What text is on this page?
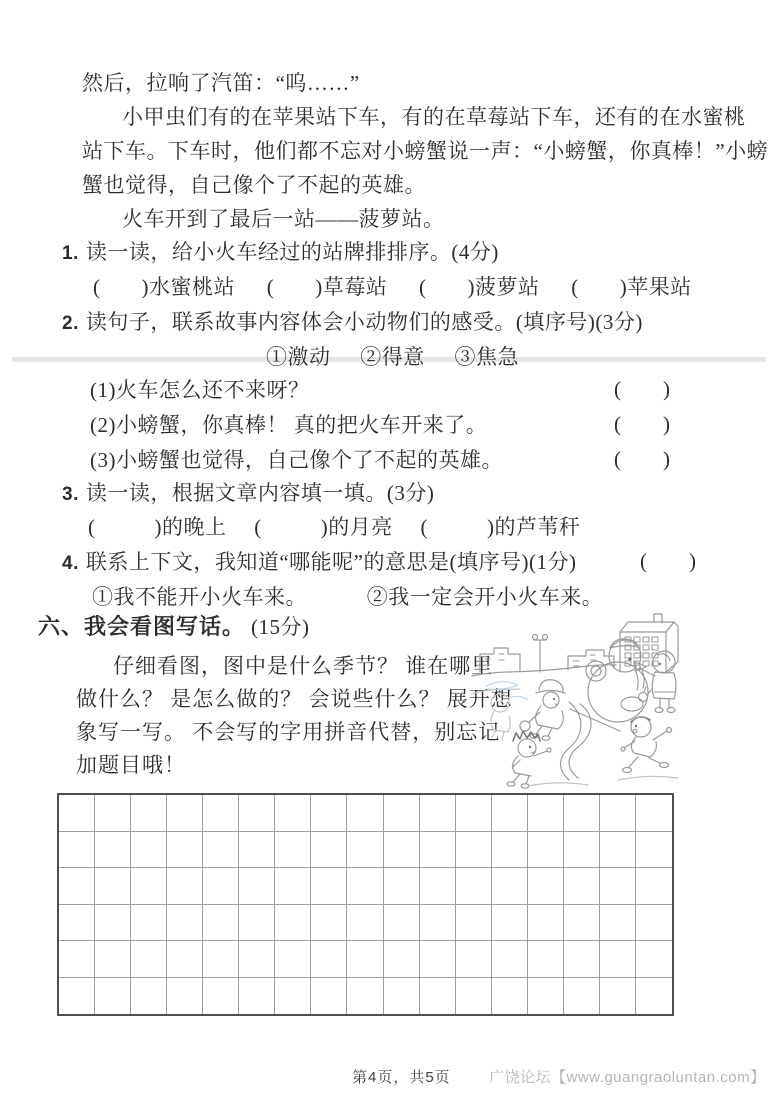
然后，拉响了汽笛：“呜……”
小甲虫们有的在苹果站下车，有的在草莓站下车，还有的在水蜜桃
站下车。下车时，他们都不忘对小螃蟹说一声：“小螃蟹，你真棒！”小螃
蟹也觉得，自己像个了不起的英雄。
火车开到了最后一站——菠萝站。
1. 读一读，给小火车经过的站牌排排序。(4分)
( ) 水蜜桃站 ( ) 草莓站 ( ) 菠萝站 ( ) 苹果站
2. 读句子，联系故事内容体会小动物们的感受。(填序号)(3分)
①激动 ②得意 ③焦急
(1)火车怎么还不来呀？	( )
(2)小螃蟹，你真棒！ 真的把火车开来了。	( )
(3)小螃蟹也觉得，自己像个了不起的英雄。	( )
3. 读一读，根据文章内容填一填。(3分)
(	) 的晚上 (	) 的月亮 (	) 的芦苇秆
4. 联系上下文，我知道“哪能呢”的意思是(填序号)(1分)	( )
①我不能开小火车来。	②我一定会开小火车来。
六、我会看图写话。 (15分)
仔细看图，图中是什么季节？ 谁在哪里
做什么？ 是怎么做的？ 会说些什么？ 展开想
象写一写。 不会写的字用拼音代替，别忘记
加题目哦！
第4页，共5页	广饶论坛【www.guangraoluntan.com】
